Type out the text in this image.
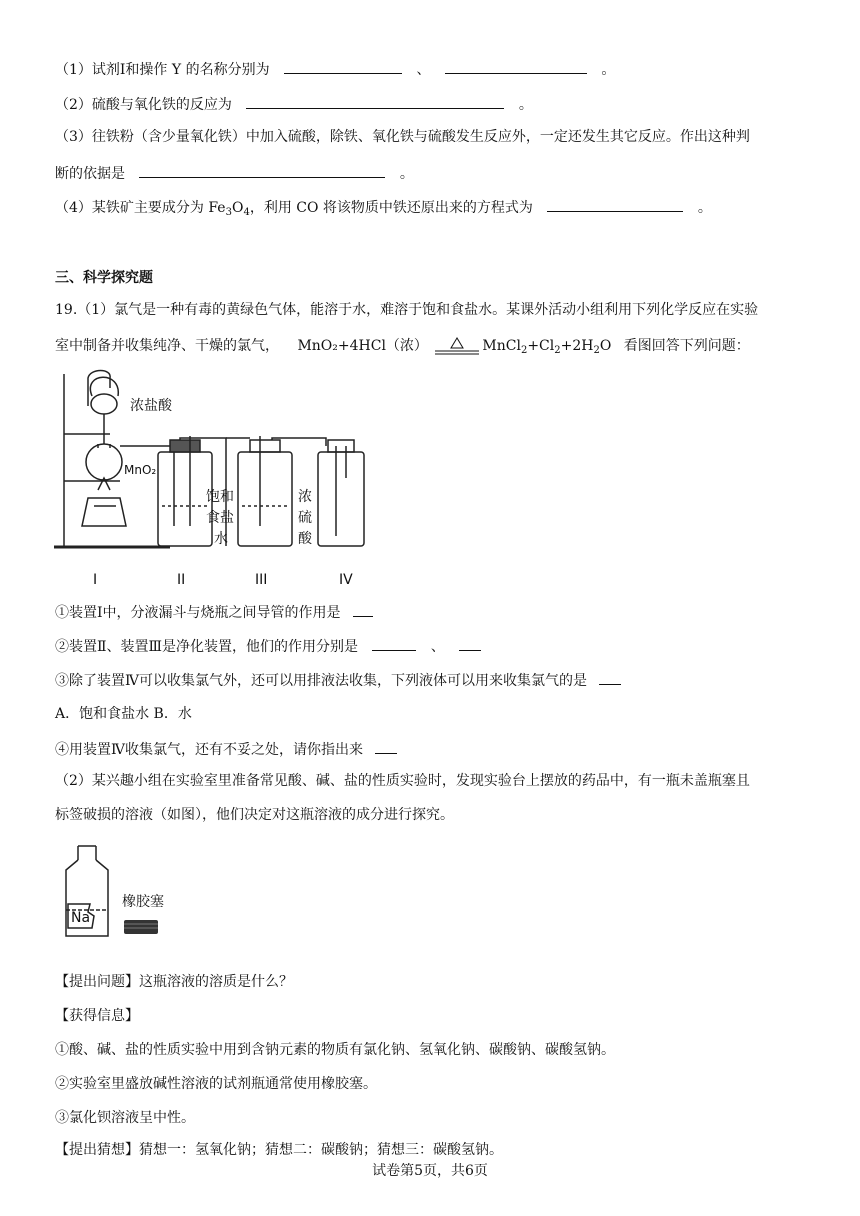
（1）试剂Ⅰ和操作 Y 的名称分别为	、	。
（2）硫酸与氧化铁的反应为	。
（3）往铁粉（含少量氧化铁）中加入硫酸，除铁、氧化铁与硫酸发生反应外，一定还发生其它反应。作出这种判
断的依据是	。
（4）某铁矿主要成分为 $Fe_3O_4$，利用 CO 将该物质中铁还原出来的方程式为	。
三、科学探究题
19.（1）氯气是一种有毒的黄绿色气体，能溶于水，难溶于饱和食盐水。某课外活动小组利用下列化学反应在实验
室中制备并收集纯净、干燥的氯气， MnO₂+4HCl（浓）	$MnCl_2+Cl_2+2H_2O$ 看图回答下列问题：
浓盐酸
MnO₂
饱和
食盐
水
浓
硫
酸
I	II	III	IV
①装置Ⅰ中，分液漏斗与烧瓶之间导管的作用是
②装置Ⅱ、装置Ⅲ是净化装置，他们的作用分别是	、
③除了装置Ⅳ可以收集氯气外，还可以用排液法收集，下列液体可以用来收集氯气的是
A．饱和食盐水 B．水
④用装置Ⅳ收集氯气，还有不妥之处，请你指出来
（2）某兴趣小组在实验室里准备常见酸、碱、盐的性质实验时，发现实验台上摆放的药品中，有一瓶未盖瓶塞且
标签破损的溶液（如图），他们决定对这瓶溶液的成分进行探究。
Na
橡胶塞
【提出问题】这瓶溶液的溶质是什么？
【获得信息】
①酸、碱、盐的性质实验中用到含钠元素的物质有氯化钠、氢氧化钠、碳酸钠、碳酸氢钠。
②实验室里盛放碱性溶液的试剂瓶通常使用橡胶塞。
③氯化钡溶液呈中性。
【提出猜想】猜想一：氢氧化钠；猜想二：碳酸钠；猜想三：碳酸氢钠。
试卷第5页，共6页
